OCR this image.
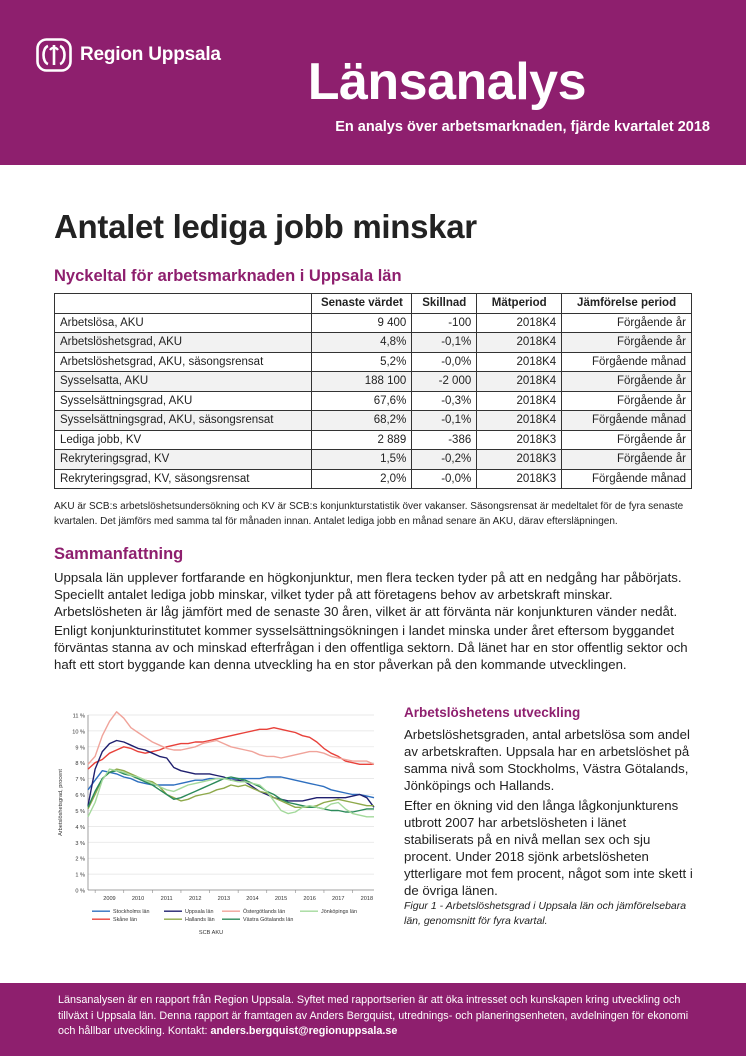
Region Uppsala Länsanalys
En analys över arbetsmarknaden, fjärde kvartalet 2018
Antalet lediga jobb minskar
Nyckeltal för arbetsmarknaden i Uppsala län
	Senaste värdet	Skillnad	Mätperiod	Jämförelse period
Arbetslösa, AKU	9 400	-100	2018K4	Förgående år
Arbetslöshetsgrad, AKU	4,8%	-0,1%	2018K4	Förgående år
Arbetslöshetsgrad, AKU, säsongsrensat	5,2%	-0,0%	2018K4	Förgående månad
Sysselsatta, AKU	188 100	-2 000	2018K4	Förgående år
Sysselsättningsgrad, AKU	67,6%	-0,3%	2018K4	Förgående år
Sysselsättningsgrad, AKU, säsongsrensat	68,2%	-0,1%	2018K4	Förgående månad
Lediga jobb, KV	2 889	-386	2018K3	Förgående år
Rekryteringsgrad, KV	1,5%	-0,2%	2018K3	Förgående år
Rekryteringsgrad, KV, säsongsrensat	2,0%	-0,0%	2018K3	Förgående månad
AKU är SCB:s arbetslöshetsundersökning och KV är SCB:s konjunkturstatistik över vakanser. Säsongsrensat är medeltalet för de fyra senaste kvartalen. Det jämförs med samma tal för månaden innan. Antalet lediga jobb en månad senare än AKU, därav eftersläpningen.
Sammanfattning

Uppsala län upplever fortfarande en högkonjunktur, men flera tecken tyder på att en nedgång har påbörjats. Speciellt antalet lediga jobb minskar, vilket tyder på att företagens behov av arbetskraft minskar. Arbetslösheten är låg jämfört med de senaste 30 åren, vilket är att förvänta när konjunkturen vänder nedåt.

Enligt konjunkturinstitutet kommer sysselsättningsökningen i landet minska under året eftersom byggandet förväntas stanna av och minskad efterfrågan i den offentliga sektorn. Då länet har en stor offentlig sektor och haft ett stort byggande kan denna utveckling ha en stor påverkan på den kommande utvecklingen.

0 %
1 %
2 %
3 %
4 %
5 %
6 %
7 %
8 %
9 %
10 %
11 %
2009	2010	2011	2012	2013	2014	2015	2016	2017	2018
Arbetslöshetsgrad, procent
Stockholms län	Uppsala län	Östergötlands län	Jönköpings län
Skåne län	Hallands län	Västra Götalands län
SCB AKU
Arbetslöshetens utveckling

Arbetslöshetsgraden, antal arbetslösa som andel av arbetskraften. Uppsala har en arbetslöshet på samma nivå som Stockholms, Västra Götalands, Jönköpings och Hallands.

Efter en ökning vid den långa lågkonjunkturens utbrott 2007 har arbetslösheten i länet stabiliserats på en nivå mellan sex och sju procent. Under 2018 sjönk arbetslösheten ytterligare mot fem procent, något som inte skett i de övriga länen.

Figur 1 - Arbetslöshetsgrad i Uppsala län och jämförelsebara län, genomsnitt för fyra kvartal.

Länsanalysen är en rapport från Region Uppsala. Syftet med rapportserien är att öka intresset och kunskapen kring utveckling och tillväxt i Uppsala län. Denna rapport är framtagen av Anders Bergquist, utrednings- och planeringsenheten, avdelningen för ekonomi och hållbar utveckling. Kontakt: anders.bergquist@regionuppsala.se
